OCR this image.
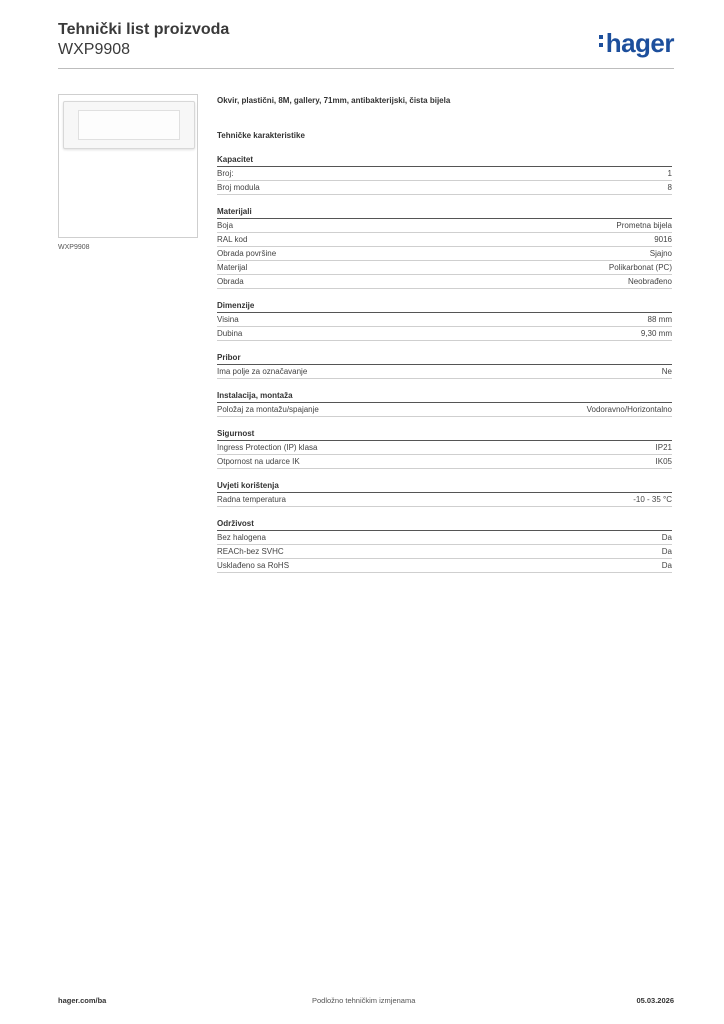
Tehnički list proizvoda
WXP9908	hager
WXP9908
Okvir, plastični, 8M, gallery, 71mm, antibakterijski, čista bijela
Tehničke karakteristike
Kapacitet
Broj:	1
Broj modula	8
Materijali
Boja	Prometna bijela
RAL kod	9016
Obrada površine	Sjajno
Materijal	Polikarbonat (PC)
Obrada	Neobrađeno
Dimenzije
Visina	88 mm
Dubina	9,30 mm
Pribor
Ima polje za označavanje	Ne
Instalacija, montaža
Položaj za montažu/spajanje	Vodoravno/Horizontalno
Sigurnost
Ingress Protection (IP) klasa	IP21
Otpornost na udarce IK	IK05
Uvjeti korištenja
Radna temperatura	-10 - 35 °C
Održivost
Bez halogena	Da
REACh-bez SVHC	Da
Usklađeno sa RoHS	Da
hager.com/ba	Podložno tehničkim izmjenama	05.03.2026
